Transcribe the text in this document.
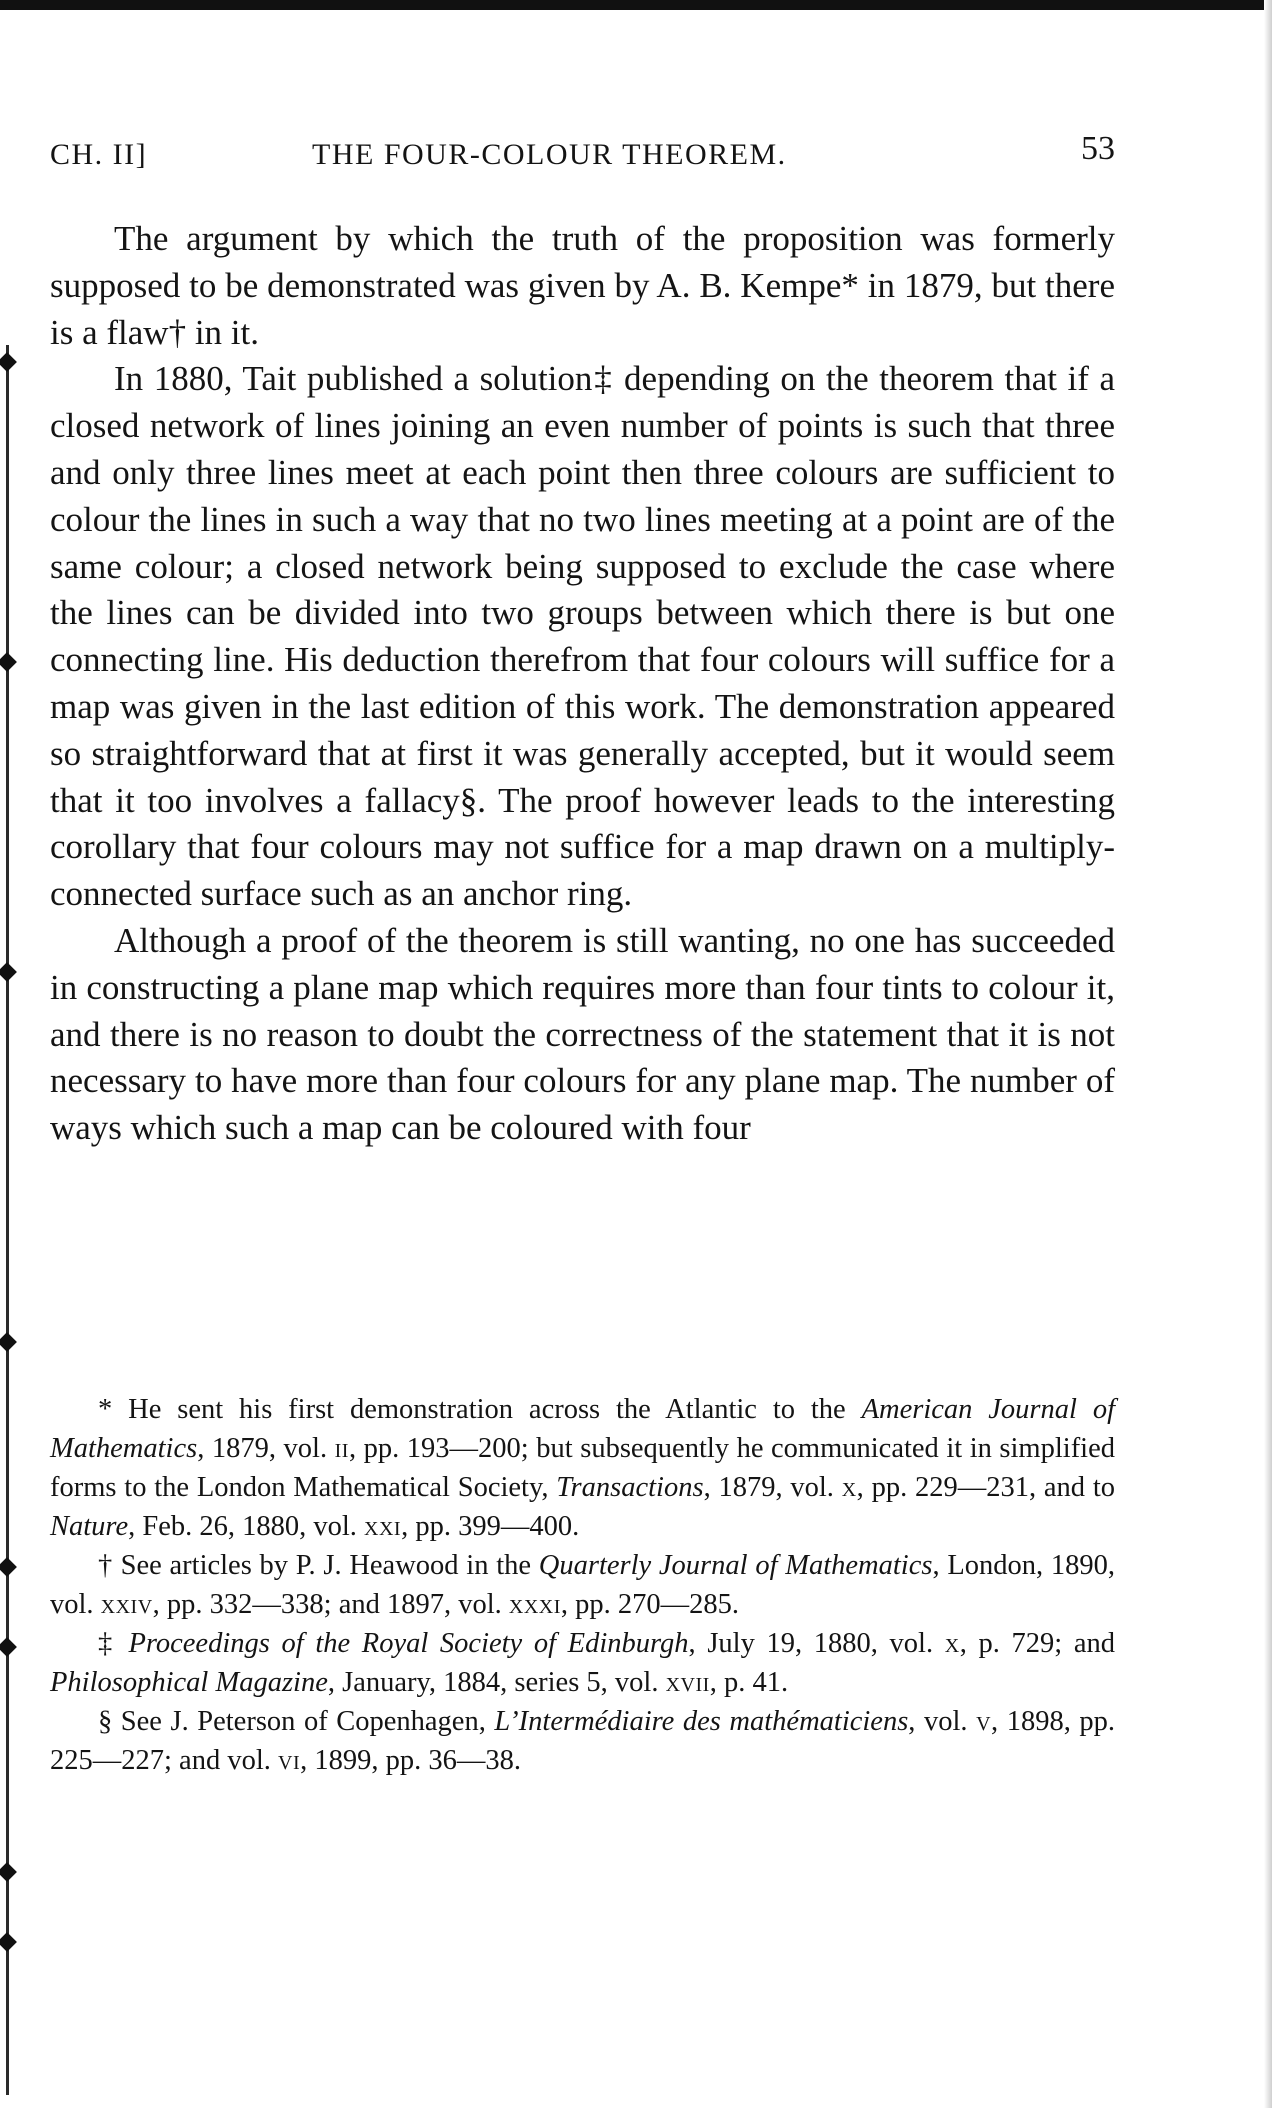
CH. II]	THE FOUR-COLOUR THEOREM.	53

The argument by which the truth of the proposition was formerly supposed to be demonstrated was given by A. B. Kempe* in 1879, but there is a flaw† in it.

In 1880, Tait published a solution‡ depending on the theorem that if a closed network of lines joining an even number of points is such that three and only three lines meet at each point then three colours are sufficient to colour the lines in such a way that no two lines meeting at a point are of the same colour; a closed network being supposed to exclude the case where the lines can be divided into two groups between which there is but one connecting line. His deduction therefrom that four colours will suffice for a map was given in the last edition of this work. The demonstration appeared so straightforward that at first it was generally accepted, but it would seem that it too involves a fallacy§. The proof however leads to the interesting corollary that four colours may not suffice for a map drawn on a multiply-connected surface such as an anchor ring.

Although a proof of the theorem is still wanting, no one has succeeded in constructing a plane map which requires more than four tints to colour it, and there is no reason to doubt the correctness of the statement that it is not necessary to have more than four colours for any plane map. The number of ways which such a map can be coloured with four

* He sent his first demonstration across the Atlantic to the American Journal of Mathematics, 1879, vol. ii, pp. 193—200; but subsequently he communicated it in simplified forms to the London Mathematical Society, Transactions, 1879, vol. x, pp. 229—231, and to Nature, Feb. 26, 1880, vol. xxi, pp. 399—400.

† See articles by P. J. Heawood in the Quarterly Journal of Mathematics, London, 1890, vol. xxiv, pp. 332—338; and 1897, vol. xxxi, pp. 270—285.

‡ Proceedings of the Royal Society of Edinburgh, July 19, 1880, vol. x, p. 729; and Philosophical Magazine, January, 1884, series 5, vol. xvii, p. 41.

§ See J. Peterson of Copenhagen, L’Intermédiaire des mathématiciens, vol. v, 1898, pp. 225—227; and vol. vi, 1899, pp. 36—38.
